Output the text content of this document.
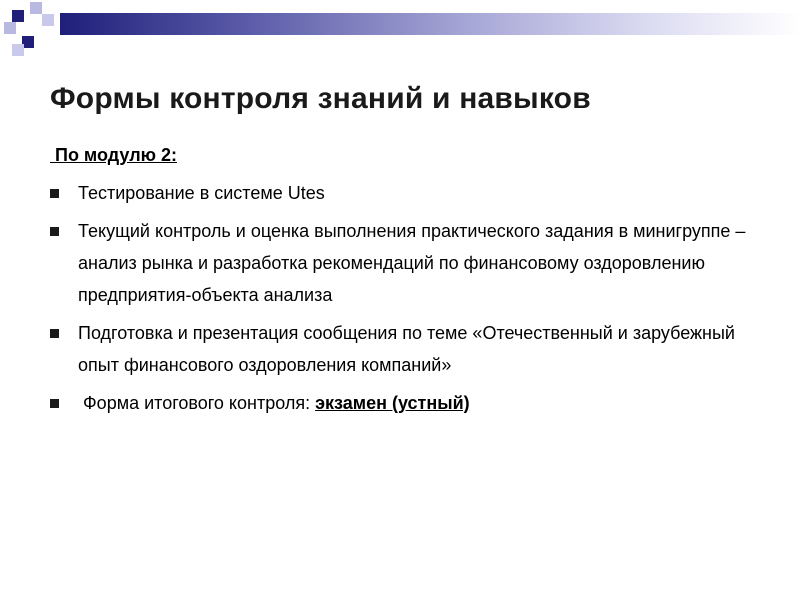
Формы контроля знаний и навыков
По модулю 2:
Тестирование в системе Utes
Текущий контроль и оценка выполнения практического задания в минигруппе – анализ рынка и разработка рекомендаций по финансовому оздоровлению предприятия-объекта анализа
Подготовка и презентация сообщения по теме «Отечественный и зарубежный опыт финансового оздоровления компаний»
Форма итогового контроля: экзамен (устный)
